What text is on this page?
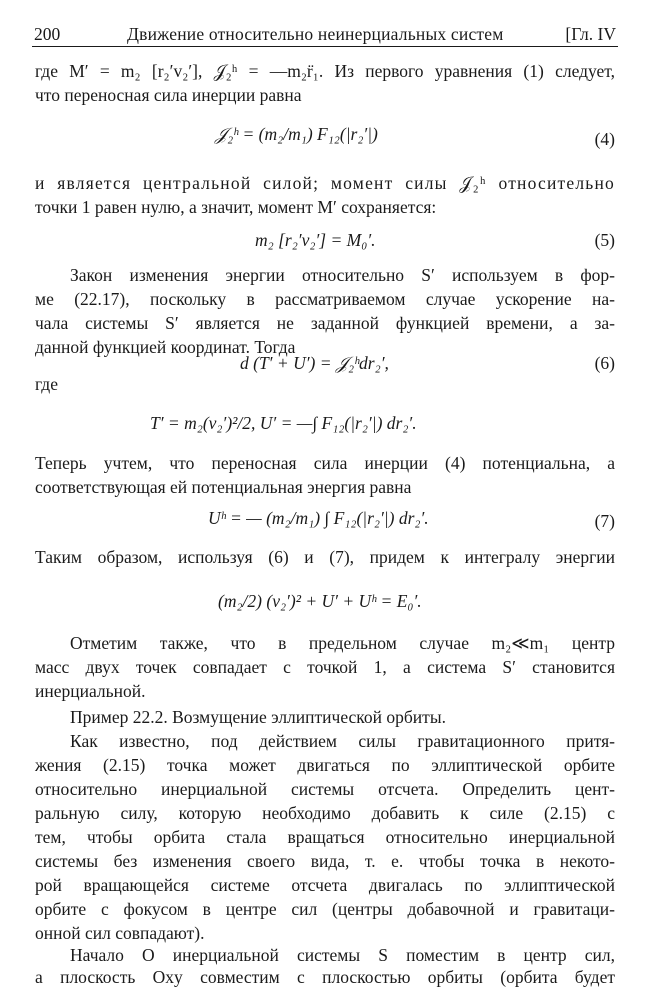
200	Движение относительно неинерциальных систем	[Гл. IV
где M′ = m₂ [r₂′v₂′], 𝒥₂ʰ = —m₂r̈₁. Из первого уравнения (1) следует,
что переносная сила инерции равна
𝒥₂ʰ = (m₂/m₁) F₁₂(|r₂′|)	(4)
и является центральной силой; момент силы 𝒥₂ʰ относительно
точки 1 равен нулю, а значит, момент M′ сохраняется:
m₂ [r₂′v₂′] = M₀′.	(5)
Закон изменения энергии относительно S′ используем в фор-
ме (22.17), поскольку в рассматриваемом случае ускорение на-
чала системы S′ является не заданной функцией времени, а за-
данной функцией координат. Тогда
d (T′ + U′) = 𝒥₂ʰdr₂′,	(6)
где
T′ = m₂(v₂′)²/2, U′ = —∫ F₁₂(|r₂′|) dr₂′.
Теперь учтем, что переносная сила инерции (4) потенциальна, а
соответствующая ей потенциальная энергия равна
Uʰ = — (m₂/m₁) ∫ F₁₂(|r₂′|) dr₂′.	(7)
Таким образом, используя (6) и (7), придем к интегралу энергии
(m₂/2) (v₂′)² + U′ + Uʰ = E₀′.
Отметим также, что в предельном случае m₂≪m₁ центр
масс двух точек совпадает с точкой 1, а система S′ становится
инерциальной.
Пример 22.2. Возмущение эллиптической орбиты.
Как известно, под действием силы гравитационного притя-
жения (2.15) точка может двигаться по эллиптической орбите
относительно инерциальной системы отсчета. Определить цент-
ральную силу, которую необходимо добавить к силе (2.15) с
тем, чтобы орбита стала вращаться относительно инерциальной
системы без изменения своего вида, т. е. чтобы точка в некото-
рой вращающейся системе отсчета двигалась по эллиптической
орбите с фокусом в центре сил (центры добавочной и гравитаци-
онной сил совпадают).
Начало O инерциальной системы S поместим в центр сил,
а плоскость Oxy совместим с плоскостью орбиты (орбита будет
